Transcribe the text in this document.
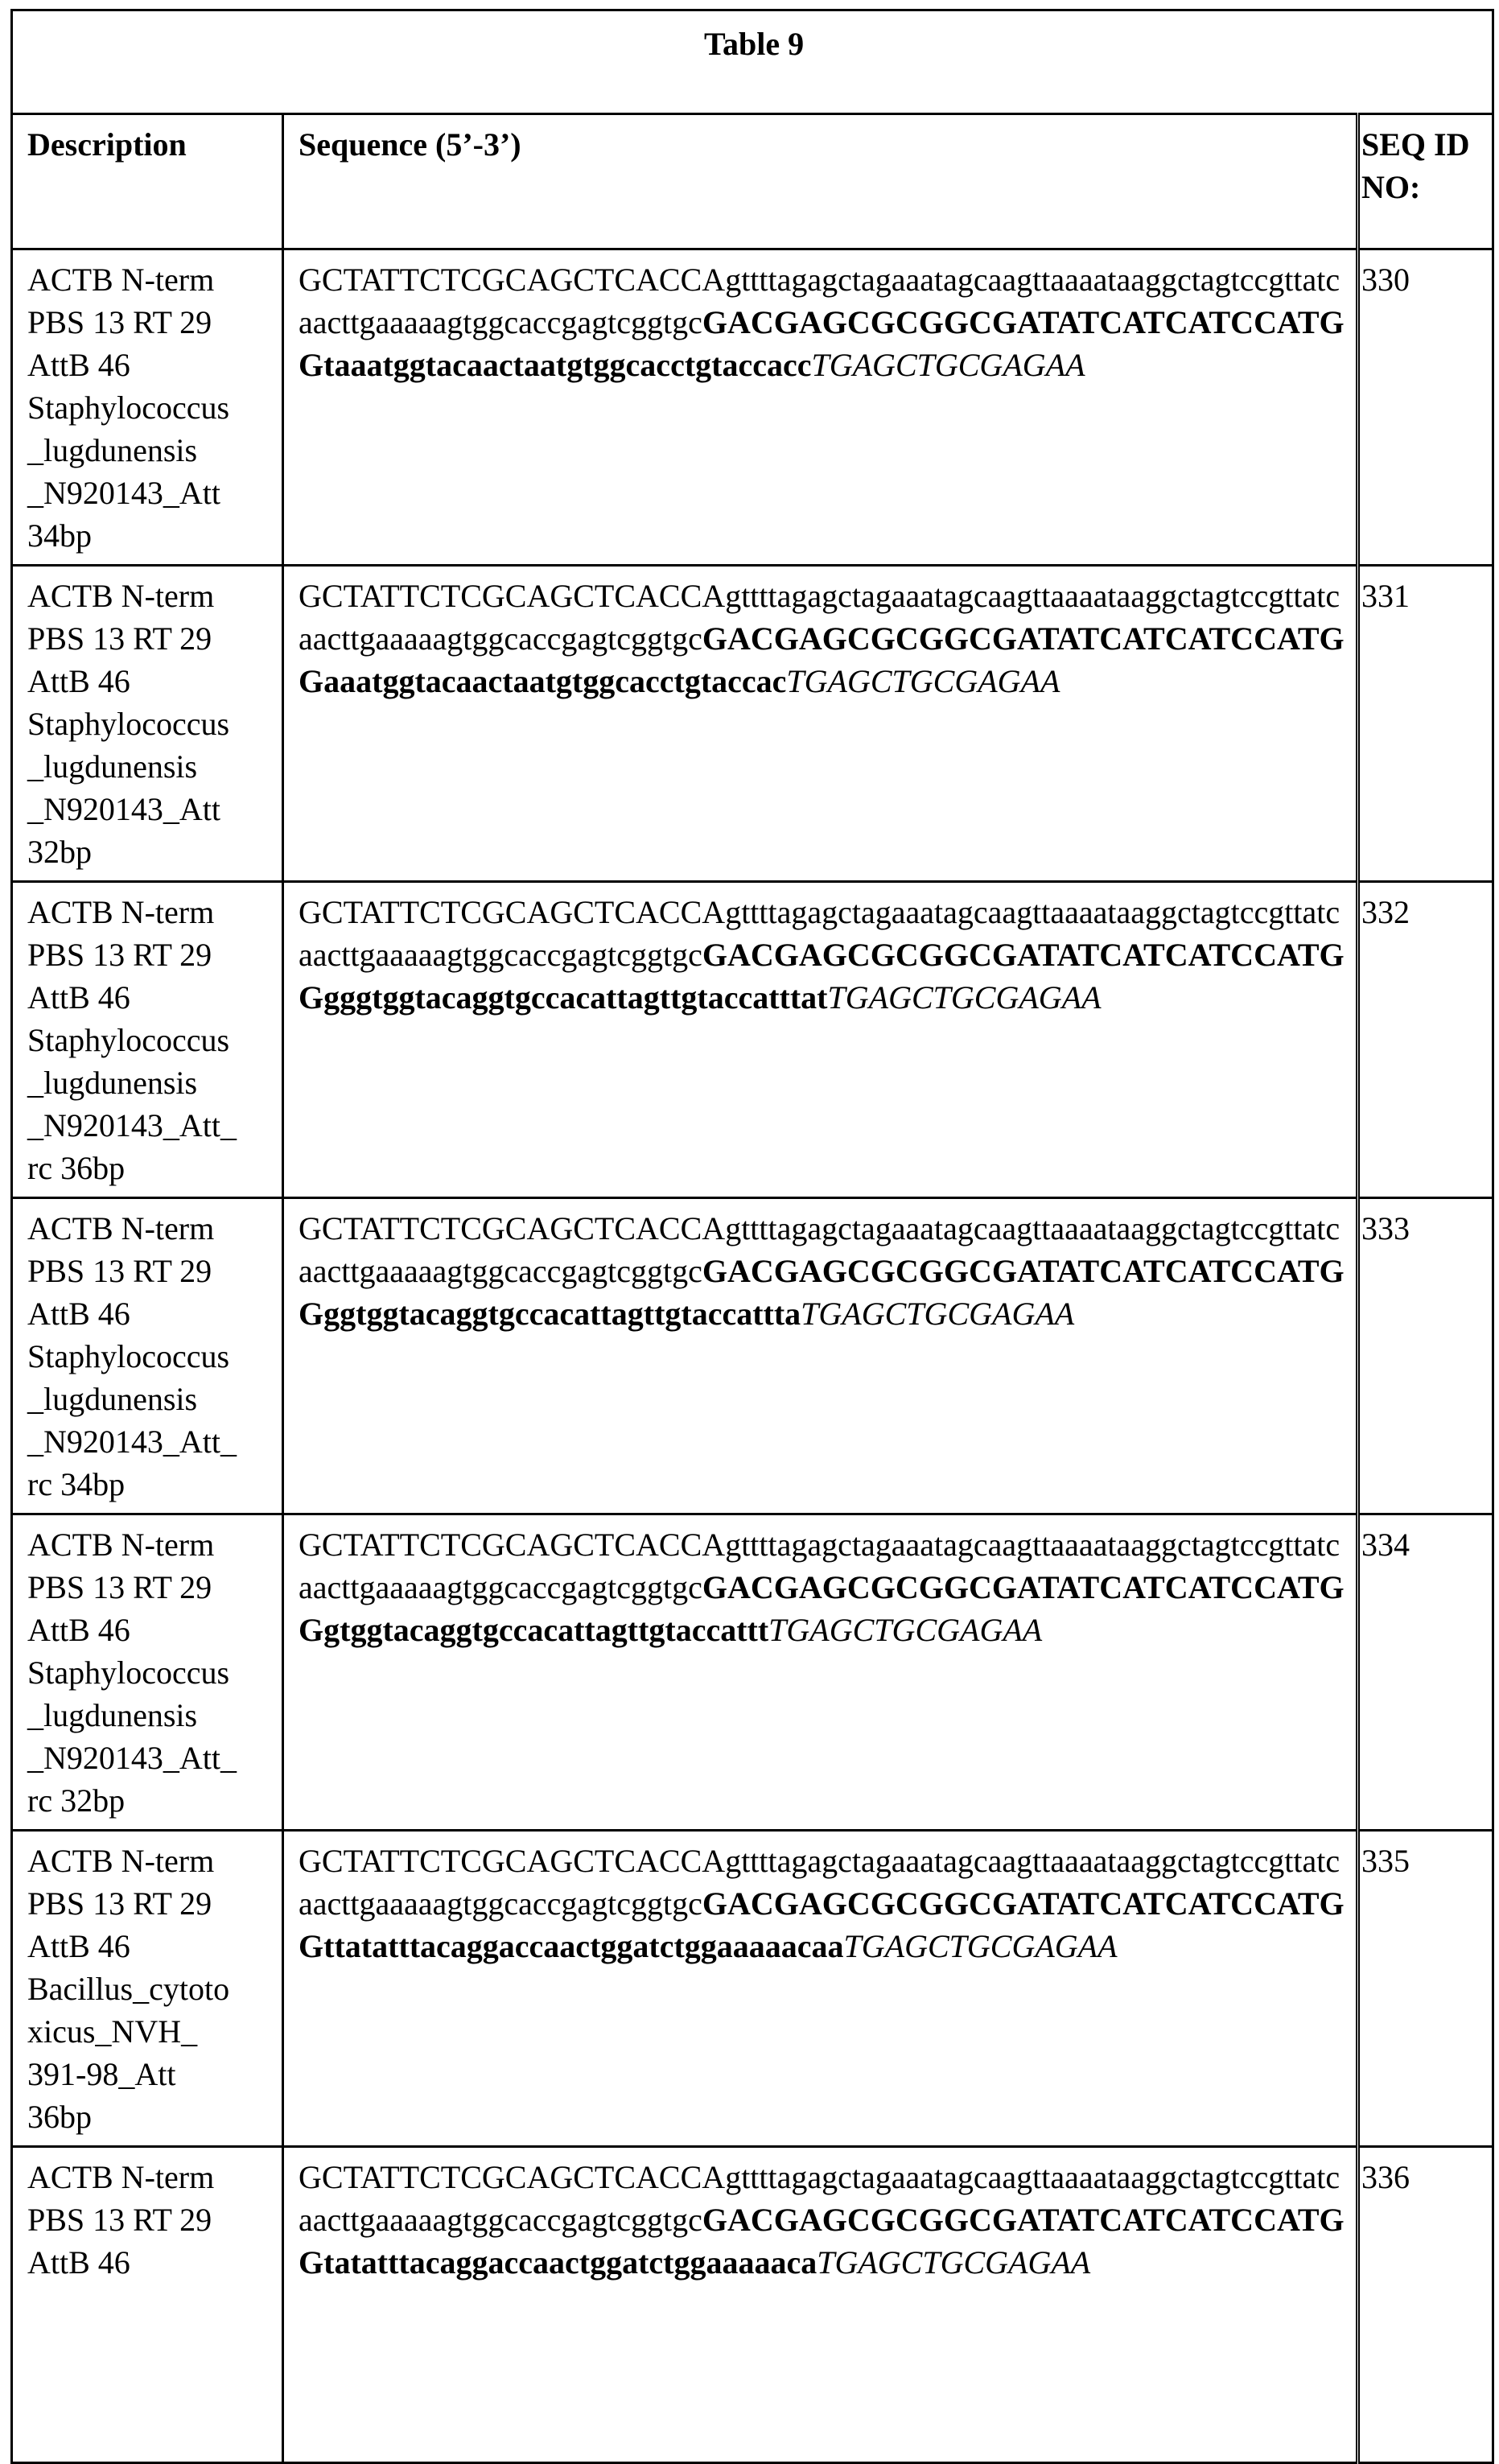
Table 9
Description	Sequence (5’-3’)	SEQ ID NO:
ACTB N-term
PBS 13 RT 29
AttB 46
Staphylococcus
_lugdunensis
_N920143_Att
34bp	GCTATTCTCGCAGCTCACCAgttttagagctagaaatagcaagttaaaataaggctagtccgttatcaacttgaaaaagtggcaccgagtcggtgcGACGAGCGCGGCGATATCATCATCCATGGtaaatggtacaactaatgtggcacctgtaccaccTGAGCTGCGAGAA	330
ACTB N-term
PBS 13 RT 29
AttB 46
Staphylococcus
_lugdunensis
_N920143_Att
32bp	GCTATTCTCGCAGCTCACCAgttttagagctagaaatagcaagttaaaataaggctagtccgttatcaacttgaaaaagtggcaccgagtcggtgcGACGAGCGCGGCGATATCATCATCCATGGaaatggtacaactaatgtggcacctgtaccacTGAGCTGCGAGAA	331
ACTB N-term
PBS 13 RT 29
AttB 46
Staphylococcus
_lugdunensis
_N920143_Att_
rc 36bp	GCTATTCTCGCAGCTCACCAgttttagagctagaaatagcaagttaaaataaggctagtccgttatcaacttgaaaaagtggcaccgagtcggtgcGACGAGCGCGGCGATATCATCATCCATGGgggtggtacaggtgccacattagttgtaccatttatTGAGCTGCGAGAA	332
ACTB N-term
PBS 13 RT 29
AttB 46
Staphylococcus
_lugdunensis
_N920143_Att_
rc 34bp	GCTATTCTCGCAGCTCACCAgttttagagctagaaatagcaagttaaaataaggctagtccgttatcaacttgaaaaagtggcaccgagtcggtgcGACGAGCGCGGCGATATCATCATCCATGGggtggtacaggtgccacattagttgtaccatttaTGAGCTGCGAGAA	333
ACTB N-term
PBS 13 RT 29
AttB 46
Staphylococcus
_lugdunensis
_N920143_Att_
rc 32bp	GCTATTCTCGCAGCTCACCAgttttagagctagaaatagcaagttaaaataaggctagtccgttatcaacttgaaaaagtggcaccgagtcggtgcGACGAGCGCGGCGATATCATCATCCATGGgtggtacaggtgccacattagttgtaccatttTGAGCTGCGAGAA	334
ACTB N-term
PBS 13 RT 29
AttB 46
Bacillus_cytoto
xicus_NVH_
391-98_Att
36bp	GCTATTCTCGCAGCTCACCAgttttagagctagaaatagcaagttaaaataaggctagtccgttatcaacttgaaaaagtggcaccgagtcggtgcGACGAGCGCGGCGATATCATCATCCATGGttatatttacaggaccaactggatctggaaaaacaaTGAGCTGCGAGAA	335
ACTB N-term
PBS 13 RT 29
AttB 46	GCTATTCTCGCAGCTCACCAgttttagagctagaaatagcaagttaaaataaggctagtccgttatcaacttgaaaaagtggcaccgagtcggtgcGACGAGCGCGGCGATATCATCATCCATGGtatatttacaggaccaactggatctggaaaaacaTGAGCTGCGAGAA	336
